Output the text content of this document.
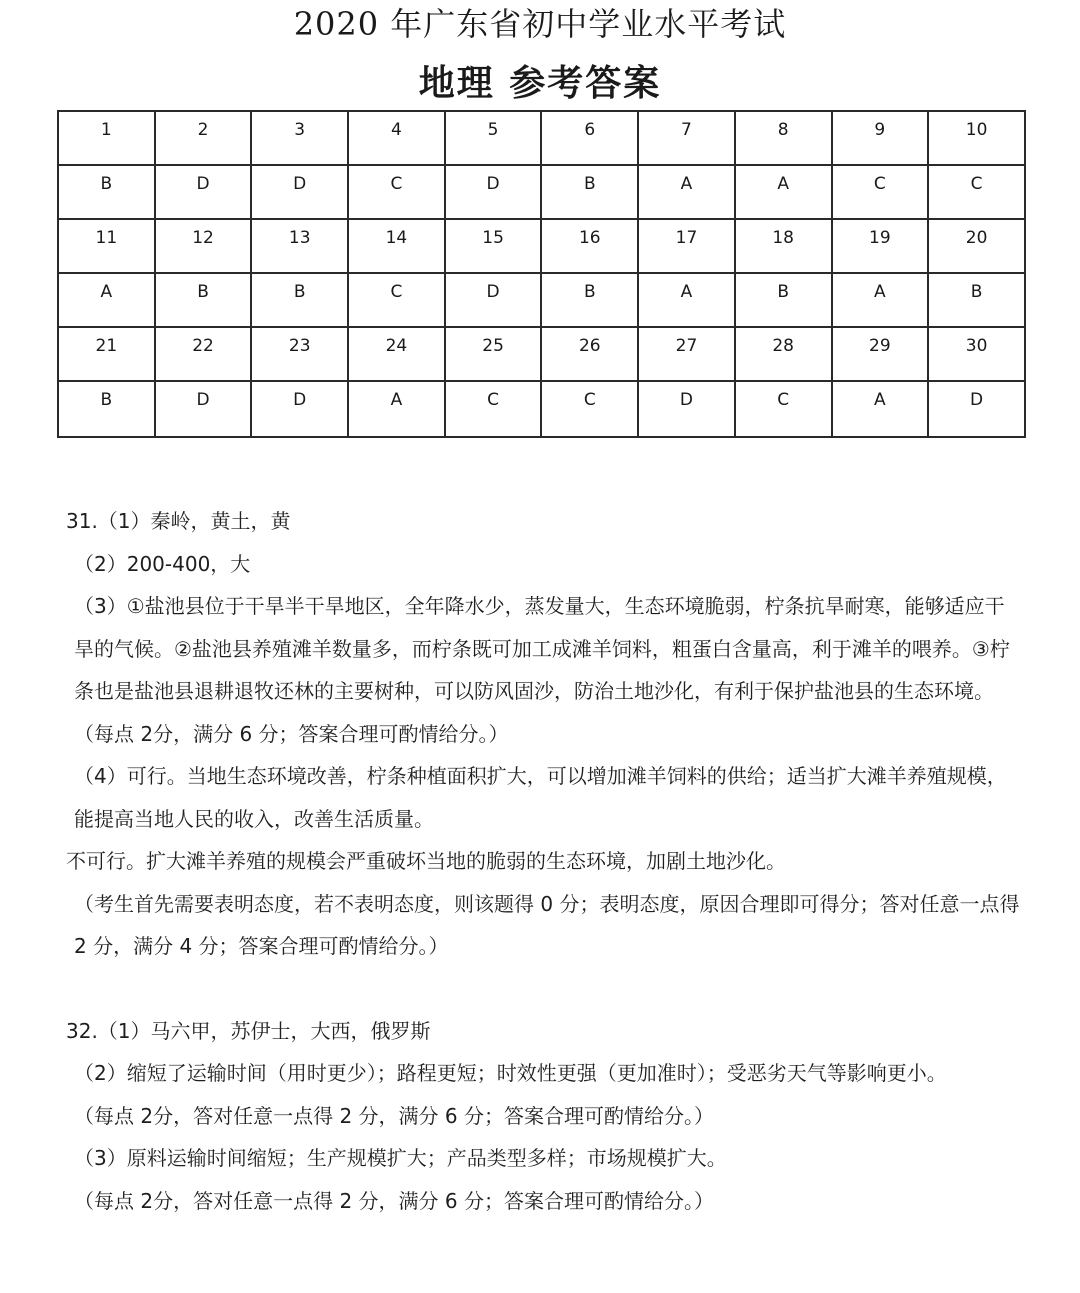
2020 年广东省初中学业水平考试
地理 参考答案
1	2	3	4	5	6	7	8	9	10
B	D	D	C	D	B	A	A	C	C
11	12	13	14	15	16	17	18	19	20
A	B	B	C	D	B	A	B	A	B
21	22	23	24	25	26	27	28	29	30
B	D	D	A	C	C	D	C	A	D

31.（1）秦岭，黄土，黄

（2）200-400，大

（3）①盐池县位于干旱半干旱地区，全年降水少，蒸发量大，生态环境脆弱，柠条抗旱耐寒，能够适应干旱的气候。②盐池县养殖滩羊数量多，而柠条既可加工成滩羊饲料，粗蛋白含量高，利于滩羊的喂养。③柠条也是盐池县退耕退牧还林的主要树种，可以防风固沙，防治土地沙化，有利于保护盐池县的生态环境。

（每点 2分，满分 6 分；答案合理可酌情给分。）

（4）可行。当地生态环境改善，柠条种植面积扩大，可以增加滩羊饲料的供给；适当扩大滩羊养殖规模，能提高当地人民的收入，改善生活质量。

不可行。扩大滩羊养殖的规模会严重破坏当地的脆弱的生态环境，加剧土地沙化。

（考生首先需要表明态度，若不表明态度，则该题得 0 分；表明态度，原因合理即可得分；答对任意一点得 2 分，满分 4 分；答案合理可酌情给分。）

32.（1）马六甲，苏伊士，大西，俄罗斯

（2）缩短了运输时间（用时更少）；路程更短；时效性更强（更加准时）；受恶劣天气等影响更小。

（每点 2分，答对任意一点得 2 分，满分 6 分；答案合理可酌情给分。）

（3）原料运输时间缩短；生产规模扩大；产品类型多样；市场规模扩大。

（每点 2分，答对任意一点得 2 分，满分 6 分；答案合理可酌情给分。）
